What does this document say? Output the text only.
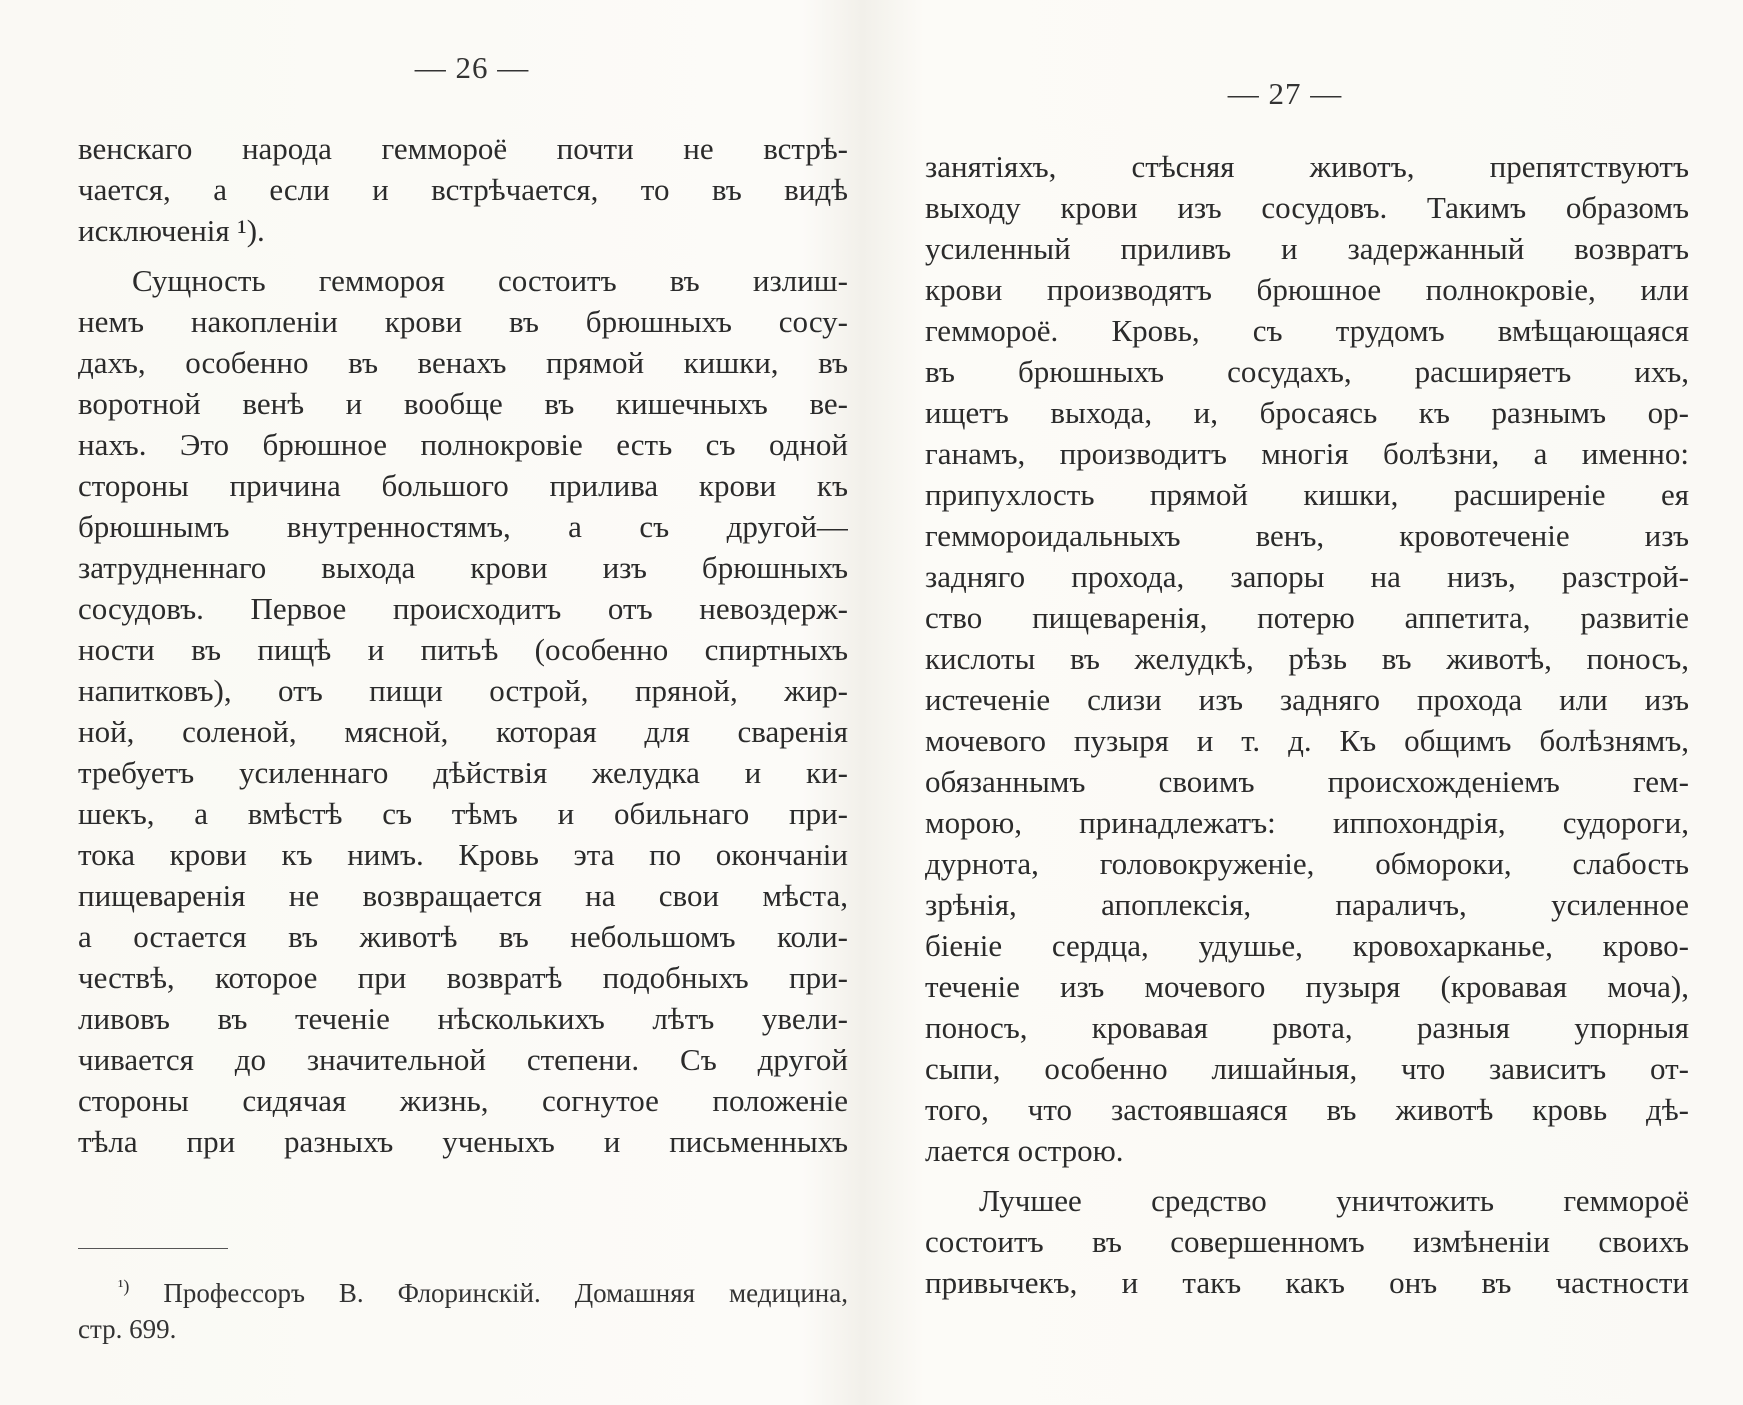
— 26 —
венскаго народа геммороё почти не встрѣ-
чается, а если и встрѣчается, то въ видѣ
исключенія ¹).
Сущность гемморoя состоитъ въ излиш-
немъ накопленіи крови въ брюшныхъ сосу-
дахъ, особенно въ венахъ прямой кишки, въ
воротной венѣ и вообще въ кишечныхъ ве-
нахъ. Это брюшное полнокровіе есть съ одной
стороны причина большого прилива крови къ
брюшнымъ внутренностямъ, а съ другой—
затрудненнаго выхода крови изъ брюшныхъ
сосудовъ. Первое происходитъ отъ невоздерж-
ности въ пищѣ и питьѣ (особенно спиртныхъ
напитковъ), отъ пищи острой, пряной, жир-
ной, соленой, мясной, которая для сваренія
требуетъ усиленнаго дѣйствія желудка и ки-
шекъ, а вмѣстѣ съ тѣмъ и обильнаго при-
тока крови къ нимъ. Кровь эта по окончаніи
пищеваренія не возвращается на свои мѣста,
а остается въ животѣ въ небольшомъ коли-
чествѣ, которое при возвратѣ подобныхъ при-
ливовъ въ теченіе нѣсколькихъ лѣтъ увели-
чивается до значительной степени. Съ другой
стороны сидячая жизнь, согнутое положеніе
тѣла при разныхъ ученыхъ и письменныхъ
$^{^1)}$ Профессоръ В. Флоринскій. Домашняя медицина,
стр. 699.
— 27 —
занятіяхъ, стѣсняя животъ, препятствуютъ
выходу крови изъ сосудовъ. Такимъ образомъ
усиленный приливъ и задержанный возвратъ
крови производятъ брюшное полнокровіе, или
геммороё. Кровь, съ трудомъ вмѣщающаяся
въ брюшныхъ сосудахъ, расширяетъ ихъ,
ищетъ выхода, и, бросаясь къ разнымъ ор-
ганамъ, производитъ многія болѣзни, а именно:
припухлость прямой кишки, расширеніе ея
геммороидальныхъ венъ, кровотеченіе изъ
задняго прохода, запоры на низъ, разстрой-
ство пищеваренія, потерю аппетита, развитіе
кислоты въ желудкѣ, рѣзь въ животѣ, поносъ,
истеченіе слизи изъ задняго прохода или изъ
мочевого пузыря и т. д. Къ общимъ болѣзнямъ,
обязаннымъ своимъ происхожденіемъ гем-
морою, принадлежатъ: иппохондрія, судороги,
дурнота, головокруженіе, обмороки, слабость
зрѣнія, апоплексія, параличъ, усиленное
біеніе сердца, удушье, кровохарканье, крово-
теченіе изъ мочевого пузыря (кровавая моча),
поносъ, кровавая рвота, разныя упорныя
сыпи, особенно лишайныя, что зависитъ от-
того, что застоявшаяся въ животѣ кровь дѣ-
лается острою.
Лучшее средство уничтожить геммороё
состоитъ въ совершенномъ измѣненіи своихъ
привычекъ, и такъ какъ онъ въ частности
